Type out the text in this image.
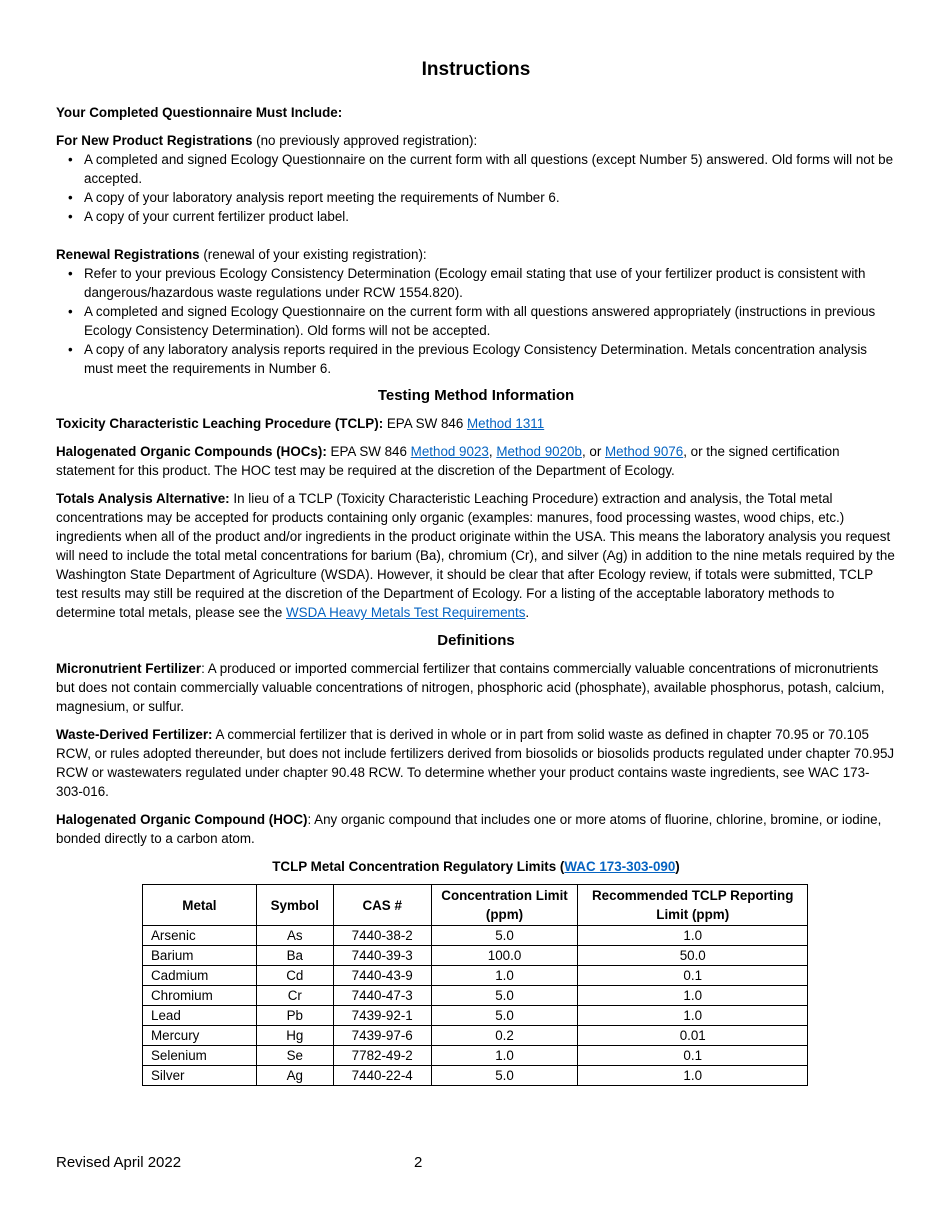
Instructions

Your Completed Questionnaire Must Include:

For New Product Registrations (no previously approved registration):
• A completed and signed Ecology Questionnaire on the current form with all questions (except Number 5) answered. Old forms will not be accepted.
• A copy of your laboratory analysis report meeting the requirements of Number 6.
• A copy of your current fertilizer product label.
Renewal Registrations (renewal of your existing registration):
• Refer to your previous Ecology Consistency Determination (Ecology email stating that use of your fertilizer product is consistent with dangerous/hazardous waste regulations under RCW 1554.820).
• A completed and signed Ecology Questionnaire on the current form with all questions answered appropriately (instructions in previous Ecology Consistency Determination). Old forms will not be accepted.
• A copy of any laboratory analysis reports required in the previous Ecology Consistency Determination. Metals concentration analysis must meet the requirements in Number 6.
Testing Method Information

Toxicity Characteristic Leaching Procedure (TCLP): EPA SW 846 Method 1311

Halogenated Organic Compounds (HOCs): EPA SW 846 Method 9023, Method 9020b, or Method 9076, or the signed certification statement for this product. The HOC test may be required at the discretion of the Department of Ecology.

Totals Analysis Alternative: In lieu of a TCLP (Toxicity Characteristic Leaching Procedure) extraction and analysis, the Total metal concentrations may be accepted for products containing only organic (examples: manures, food processing wastes, wood chips, etc.) ingredients when all of the product and/or ingredients in the product originate within the USA. This means the laboratory analysis you request will need to include the total metal concentrations for barium (Ba), chromium (Cr), and silver (Ag) in addition to the nine metals required by the Washington State Department of Agriculture (WSDA). However, it should be clear that after Ecology review, if totals were submitted, TCLP test results may still be required at the discretion of the Department of Ecology. For a listing of the acceptable laboratory methods to determine total metals, please see the WSDA Heavy Metals Test Requirements.

Definitions

Micronutrient Fertilizer: A produced or imported commercial fertilizer that contains commercially valuable concentrations of micronutrients but does not contain commercially valuable concentrations of nitrogen, phosphoric acid (phosphate), available phosphorus, potash, calcium, magnesium, or sulfur.

Waste-Derived Fertilizer: A commercial fertilizer that is derived in whole or in part from solid waste as defined in chapter 70.95 or 70.105 RCW, or rules adopted thereunder, but does not include fertilizers derived from biosolids or biosolids products regulated under chapter 70.95J RCW or wastewaters regulated under chapter 90.48 RCW. To determine whether your product contains waste ingredients, see WAC 173-303-016.

Halogenated Organic Compound (HOC): Any organic compound that includes one or more atoms of fluorine, chlorine, bromine, or iodine, bonded directly to a carbon atom.

TCLP Metal Concentration Regulatory Limits (WAC 173-303-090)
Metal	Symbol	CAS #	Concentration Limit (ppm)	Recommended TCLP Reporting Limit (ppm)
Arsenic	As	7440-38-2	5.0	1.0
Barium	Ba	7440-39-3	100.0	50.0
Cadmium	Cd	7440-43-9	1.0	0.1
Chromium	Cr	7440-47-3	5.0	1.0
Lead	Pb	7439-92-1	5.0	1.0
Mercury	Hg	7439-97-6	0.2	0.01
Selenium	Se	7782-49-2	1.0	0.1
Silver	Ag	7440-22-4	5.0	1.0
Revised April 2022	2
